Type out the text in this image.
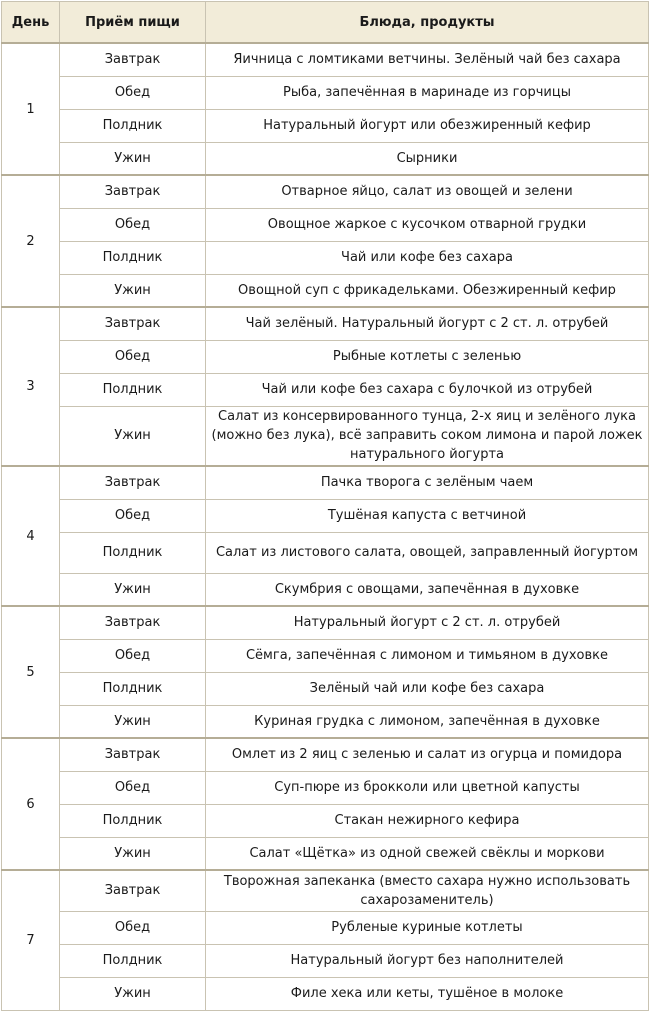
День	Приём пищи	Блюда, продукты
1	Завтрак	Яичница с ломтиками ветчины. Зелёный чай без сахара
	Обед	Рыба, запечённая в маринаде из горчицы
	Полдник	Натуральный йогурт или обезжиренный кефир
	Ужин	Сырники
2	Завтрак	Отварное яйцо, салат из овощей и зелени
	Обед	Овощное жаркое с кусочком отварной грудки
	Полдник	Чай или кофе без сахара
	Ужин	Овощной суп с фрикадельками. Обезжиренный кефир
3	Завтрак	Чай зелёный. Натуральный йогурт с 2 ст. л. отрубей
	Обед	Рыбные котлеты с зеленью
	Полдник	Чай или кофе без сахара с булочкой из отрубей
	Ужин	Салат из консервированного тунца, 2-х яиц и зелёного лука (можно без лука), всё заправить соком лимона и парой ложек натурального йогурта
4	Завтрак	Пачка творога с зелёным чаем
	Обед	Тушёная капуста с ветчиной
	Полдник	Салат из листового салата, овощей, заправленный йогуртом
	Ужин	Скумбрия с овощами, запечённая в духовке
5	Завтрак	Натуральный йогурт с 2 ст. л. отрубей
	Обед	Сёмга, запечённая с лимоном и тимьяном в духовке
	Полдник	Зелёный чай или кофе без сахара
	Ужин	Куриная грудка с лимоном, запечённая в духовке
6	Завтрак	Омлет из 2 яиц с зеленью и салат из огурца и помидора
	Обед	Суп-пюре из брокколи или цветной капусты
	Полдник	Стакан нежирного кефира
	Ужин	Салат «Щётка» из одной свежей свёклы и моркови
7	Завтрак	Творожная запеканка (вместо сахара нужно использовать сахарозаменитель)
	Обед	Рубленые куриные котлеты
	Полдник	Натуральный йогурт без наполнителей
	Ужин	Филе хека или кеты, тушёное в молоке
